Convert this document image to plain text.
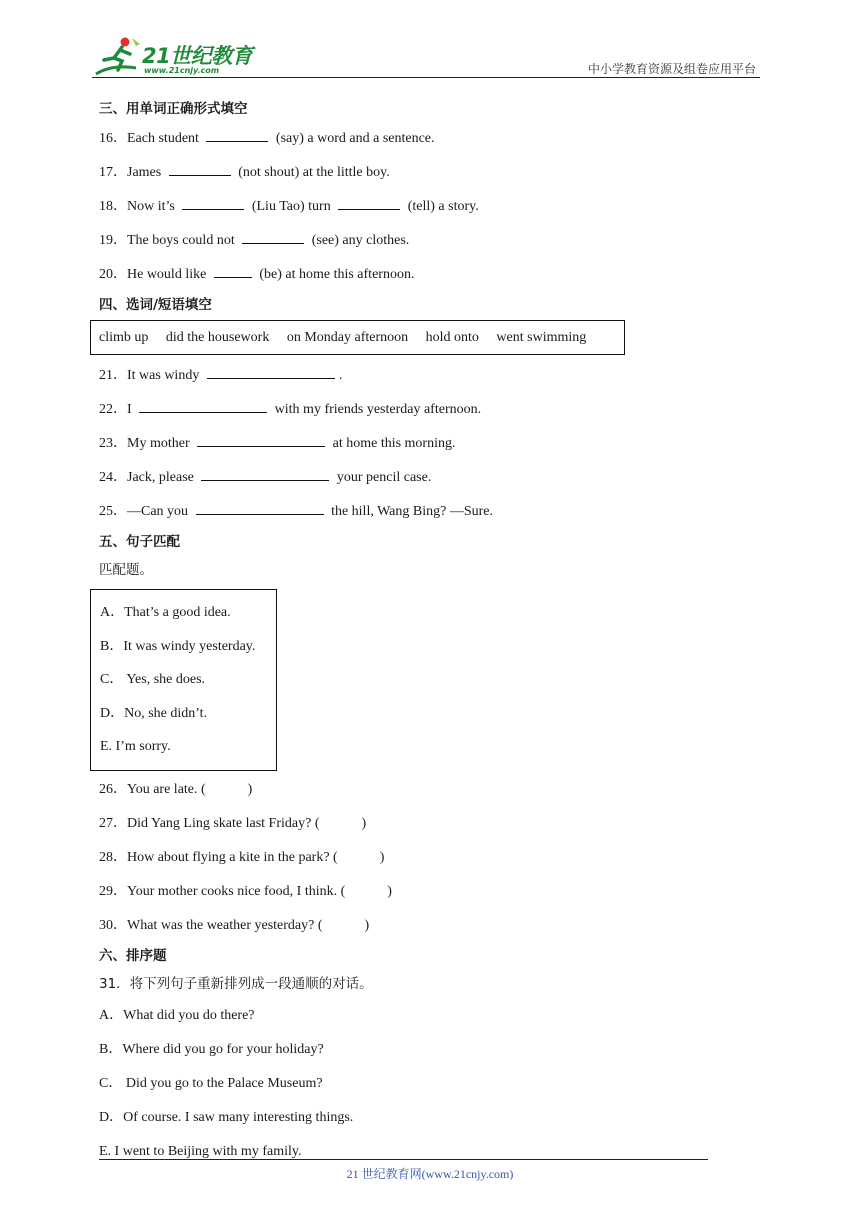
21世纪教育
www.21cnjy.com	中小学教育资源及组卷应用平台
三、用单词正确形式填空
16．Each student	(say) a word and a sentence.
17．James	(not shout) at the little boy.
18．Now it’s	(Liu Tao) turn	(tell) a story.
19．The boys could not	(see) any clothes.
20．He would like	(be) at home this afternoon.
四、选词/短语填空
climb up did the housework on Monday afternoon hold onto went swimming
21．It was windy	.
22．I	with my friends yesterday afternoon.
23．My mother	at home this morning.
24．Jack, please	your pencil case.
25．—Can you	the hill, Wang Bing? —Sure.
五、句子匹配
匹配题。
A．That’s a good idea.
B．It was windy yesterday.
C． Yes, she does.
D．No, she didn’t.
E. I’m sorry.
26．You are late. (	)
27．Did Yang Ling skate last Friday? (	)
28．How about flying a kite in the park? (	)
29．Your mother cooks nice food, I think. (	)
30．What was the weather yesterday? (	)
六、排序题
31．将下列句子重新排列成一段通顺的对话。
A．What did you do there?
B．Where did you go for your holiday?
C． Did you go to the Palace Museum?
D．Of course. I saw many interesting things.
E. I went to Beijing with my family.
21 世纪教育网(www.21cnjy.com)
